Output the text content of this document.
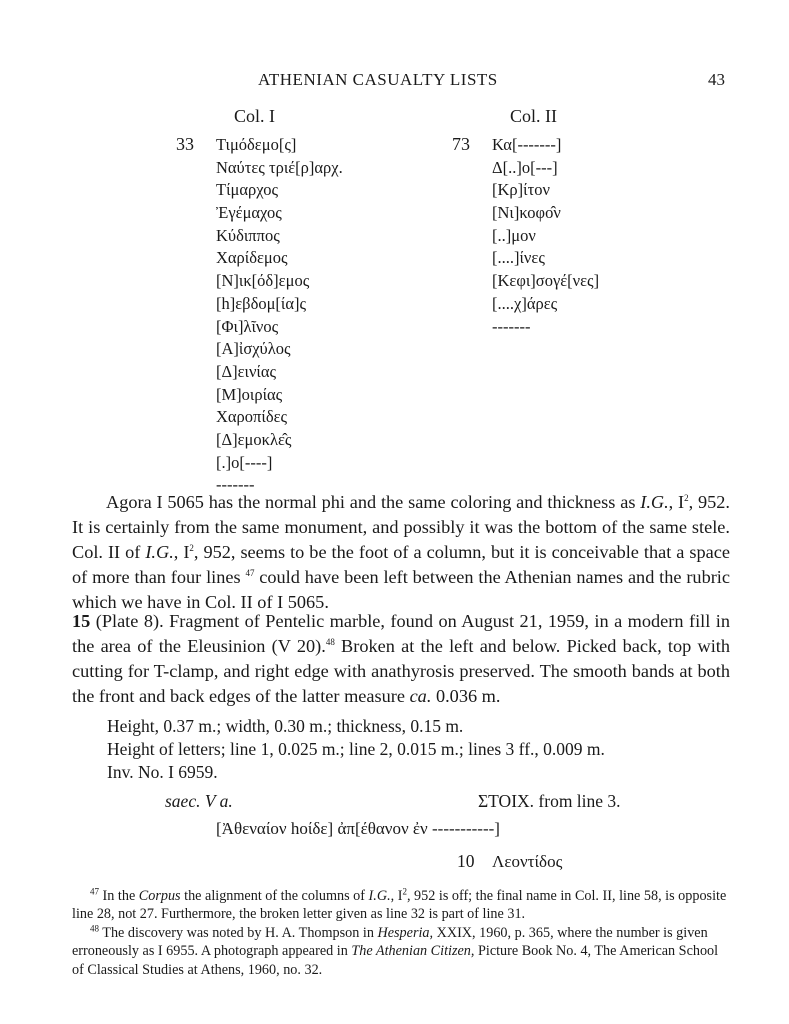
ATHENIAN CASUALTY LISTS	43
Col. I
33 Τιμόδεμο[ς]
Ναύτες τριέ[ρ]αρχ.
Τίμαρχος
Ἐγέμαχος
Κύδιππος
Χαρίδεμος
[Ν]ικ[όδ]εμος
[h]εβδομ[ία]ς
[Φι]λῖνος
[Α]ἰσχύλος
[Δ]εινίας
[Μ]οιρίας
Χαροπίδες
[Δ]εμοκλε̂ς
[.]ο[----]
-------
Col. II
73 Κα[-------]
Δ[..]ο[---]
[Κρ]ίτον
[Νι]κοφο̂ν
[..]μον
[....]ίνες
[Κεφι]σογέ[νες]
[....χ]άρες
-------
Agora I 5065 has the normal phi and the same coloring and thickness as I.G., $I^2$, 952. It is certainly from the same monument, and possibly it was the bottom of the same stele. Col. II of I.G., $I^2$, 952, seems to be the foot of a column, but it is conceivable that a space of more than four lines $^{47}$ could have been left between the Athenian names and the rubric which we have in Col. II of I 5065.
15 (Plate 8). Fragment of Pentelic marble, found on August 21, 1959, in a modern fill in the area of the Eleusinion (V 20).$^{48}$ Broken at the left and below. Picked back, top with cutting for T-clamp, and right edge with anathyrosis preserved. The smooth bands at both the front and back edges of the latter measure ca. 0.036 m.
Height, 0.37 m.; width, 0.30 m.; thickness, 0.15 m.
Height of letters; line 1, 0.025 m.; line 2, 0.015 m.; lines 3 ff., 0.009 m.
Inv. No. I 6959.
saec. V a.	ΣΤΟΙΧ. from line 3.
[Ἀθεναίον hοίδε] ἀπ[έθανον ἐν -----------]
10 Λεοντίδος
$^{47}$ In the Corpus the alignment of the columns of I.G., $I^2$, 952 is off; the final name in Col. II, line 58, is opposite line 28, not 27. Furthermore, the broken letter given as line 32 is part of line 31.
$^{48}$ The discovery was noted by H. A. Thompson in Hesperia, XXIX, 1960, p. 365, where the number is given erroneously as I 6955. A photograph appeared in The Athenian Citizen, Picture Book No. 4, The American School of Classical Studies at Athens, 1960, no. 32.
